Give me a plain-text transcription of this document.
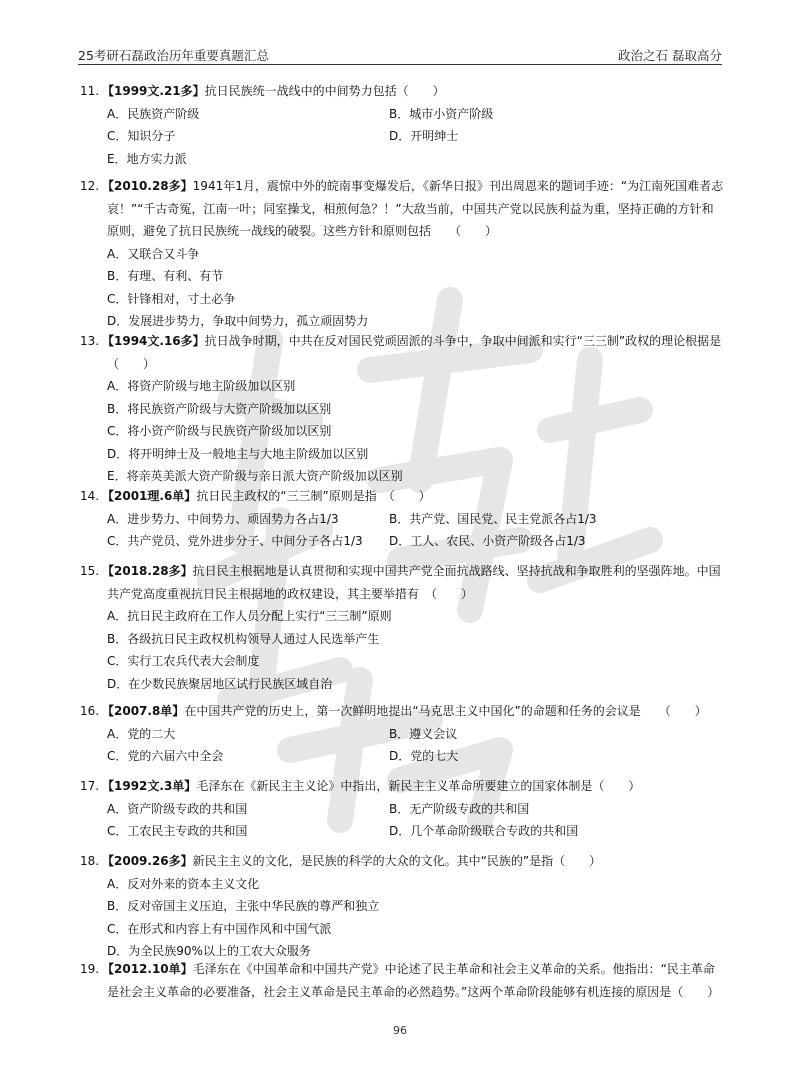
25考研石磊政治历年重要真题汇总	政治之石 磊取高分
11. 【1999文.21多】抗日民族统一战线中的中间势力包括（　　）
A．民族资产阶级	B．城市小资产阶级
C．知识分子	D．开明绅士
E．地方实力派
12. 【2010.28多】1941年1月，震惊中外的皖南事变爆发后，《新华日报》刊出周恩来的题词手迹：“为江南死国难者志哀！”“千古奇冤，江南一叶；同室操戈，相煎何急？！”大敌当前，中国共产党以民族利益为重，坚持正确的方针和原则，避免了抗日民族统一战线的破裂。这些方针和原则包括　　（　　）
A．又联合又斗争
B．有理、有利、有节
C．针锋相对，寸土必争
D．发展进步势力，争取中间势力，孤立顽固势力
13. 【1994文.16多】抗日战争时期，中共在反对国民党顽固派的斗争中，争取中间派和实行“三三制”政权的理论根据是（　　）
A．将资产阶级与地主阶级加以区别
B．将民族资产阶级与大资产阶级加以区别
C．将小资产阶级与民族资产阶级加以区别
D．将开明绅士及一般地主与大地主阶级加以区别
E．将亲英美派大资产阶级与亲日派大资产阶级加以区别
14. 【2001理.6单】抗日民主政权的“三三制”原则是指　（　　）
A．进步势力、中间势力、顽固势力各占1/3	B．共产党、国民党、民主党派各占1/3
C．共产党员、党外进步分子、中间分子各占1/3	D．工人、农民、小资产阶级各占1/3
15. 【2018.28多】抗日民主根据地是认真贯彻和实现中国共产党全面抗战路线、坚持抗战和争取胜利的坚强阵地。中国共产党高度重视抗日民主根据地的政权建设，其主要举措有　（　　）
A．抗日民主政府在工作人员分配上实行“三三制”原则
B．各级抗日民主政权机构领导人通过人民选举产生
C．实行工农兵代表大会制度
D．在少数民族聚居地区试行民族区域自治
16. 【2007.8单】在中国共产党的历史上，第一次鲜明地提出“马克思主义中国化”的命题和任务的会议是　　（　　）
A．党的二大	B．遵义会议
C．党的六届六中全会	D．党的七大
17. 【1992文.3单】毛泽东在《新民主主义论》中指出，新民主主义革命所要建立的国家体制是（　　）
A．资产阶级专政的共和国	B．无产阶级专政的共和国
C．工农民主专政的共和国	D．几个革命阶级联合专政的共和国
18. 【2009.26多】新民主主义的文化，是民族的科学的大众的文化。其中“民族的”是指（　　）
A．反对外来的资本主义文化
B．反对帝国主义压迫，主张中华民族的尊严和独立
C．在形式和内容上有中国作风和中国气派
D．为全民族90%以上的工农大众服务
19. 【2012.10单】毛泽东在《中国革命和中国共产党》中论述了民主革命和社会主义革命的关系。他指出：“民主革命是社会主义革命的必要准备，社会主义革命是民主革命的必然趋势。”这两个革命阶段能够有机连接的原因是（　　）
96
